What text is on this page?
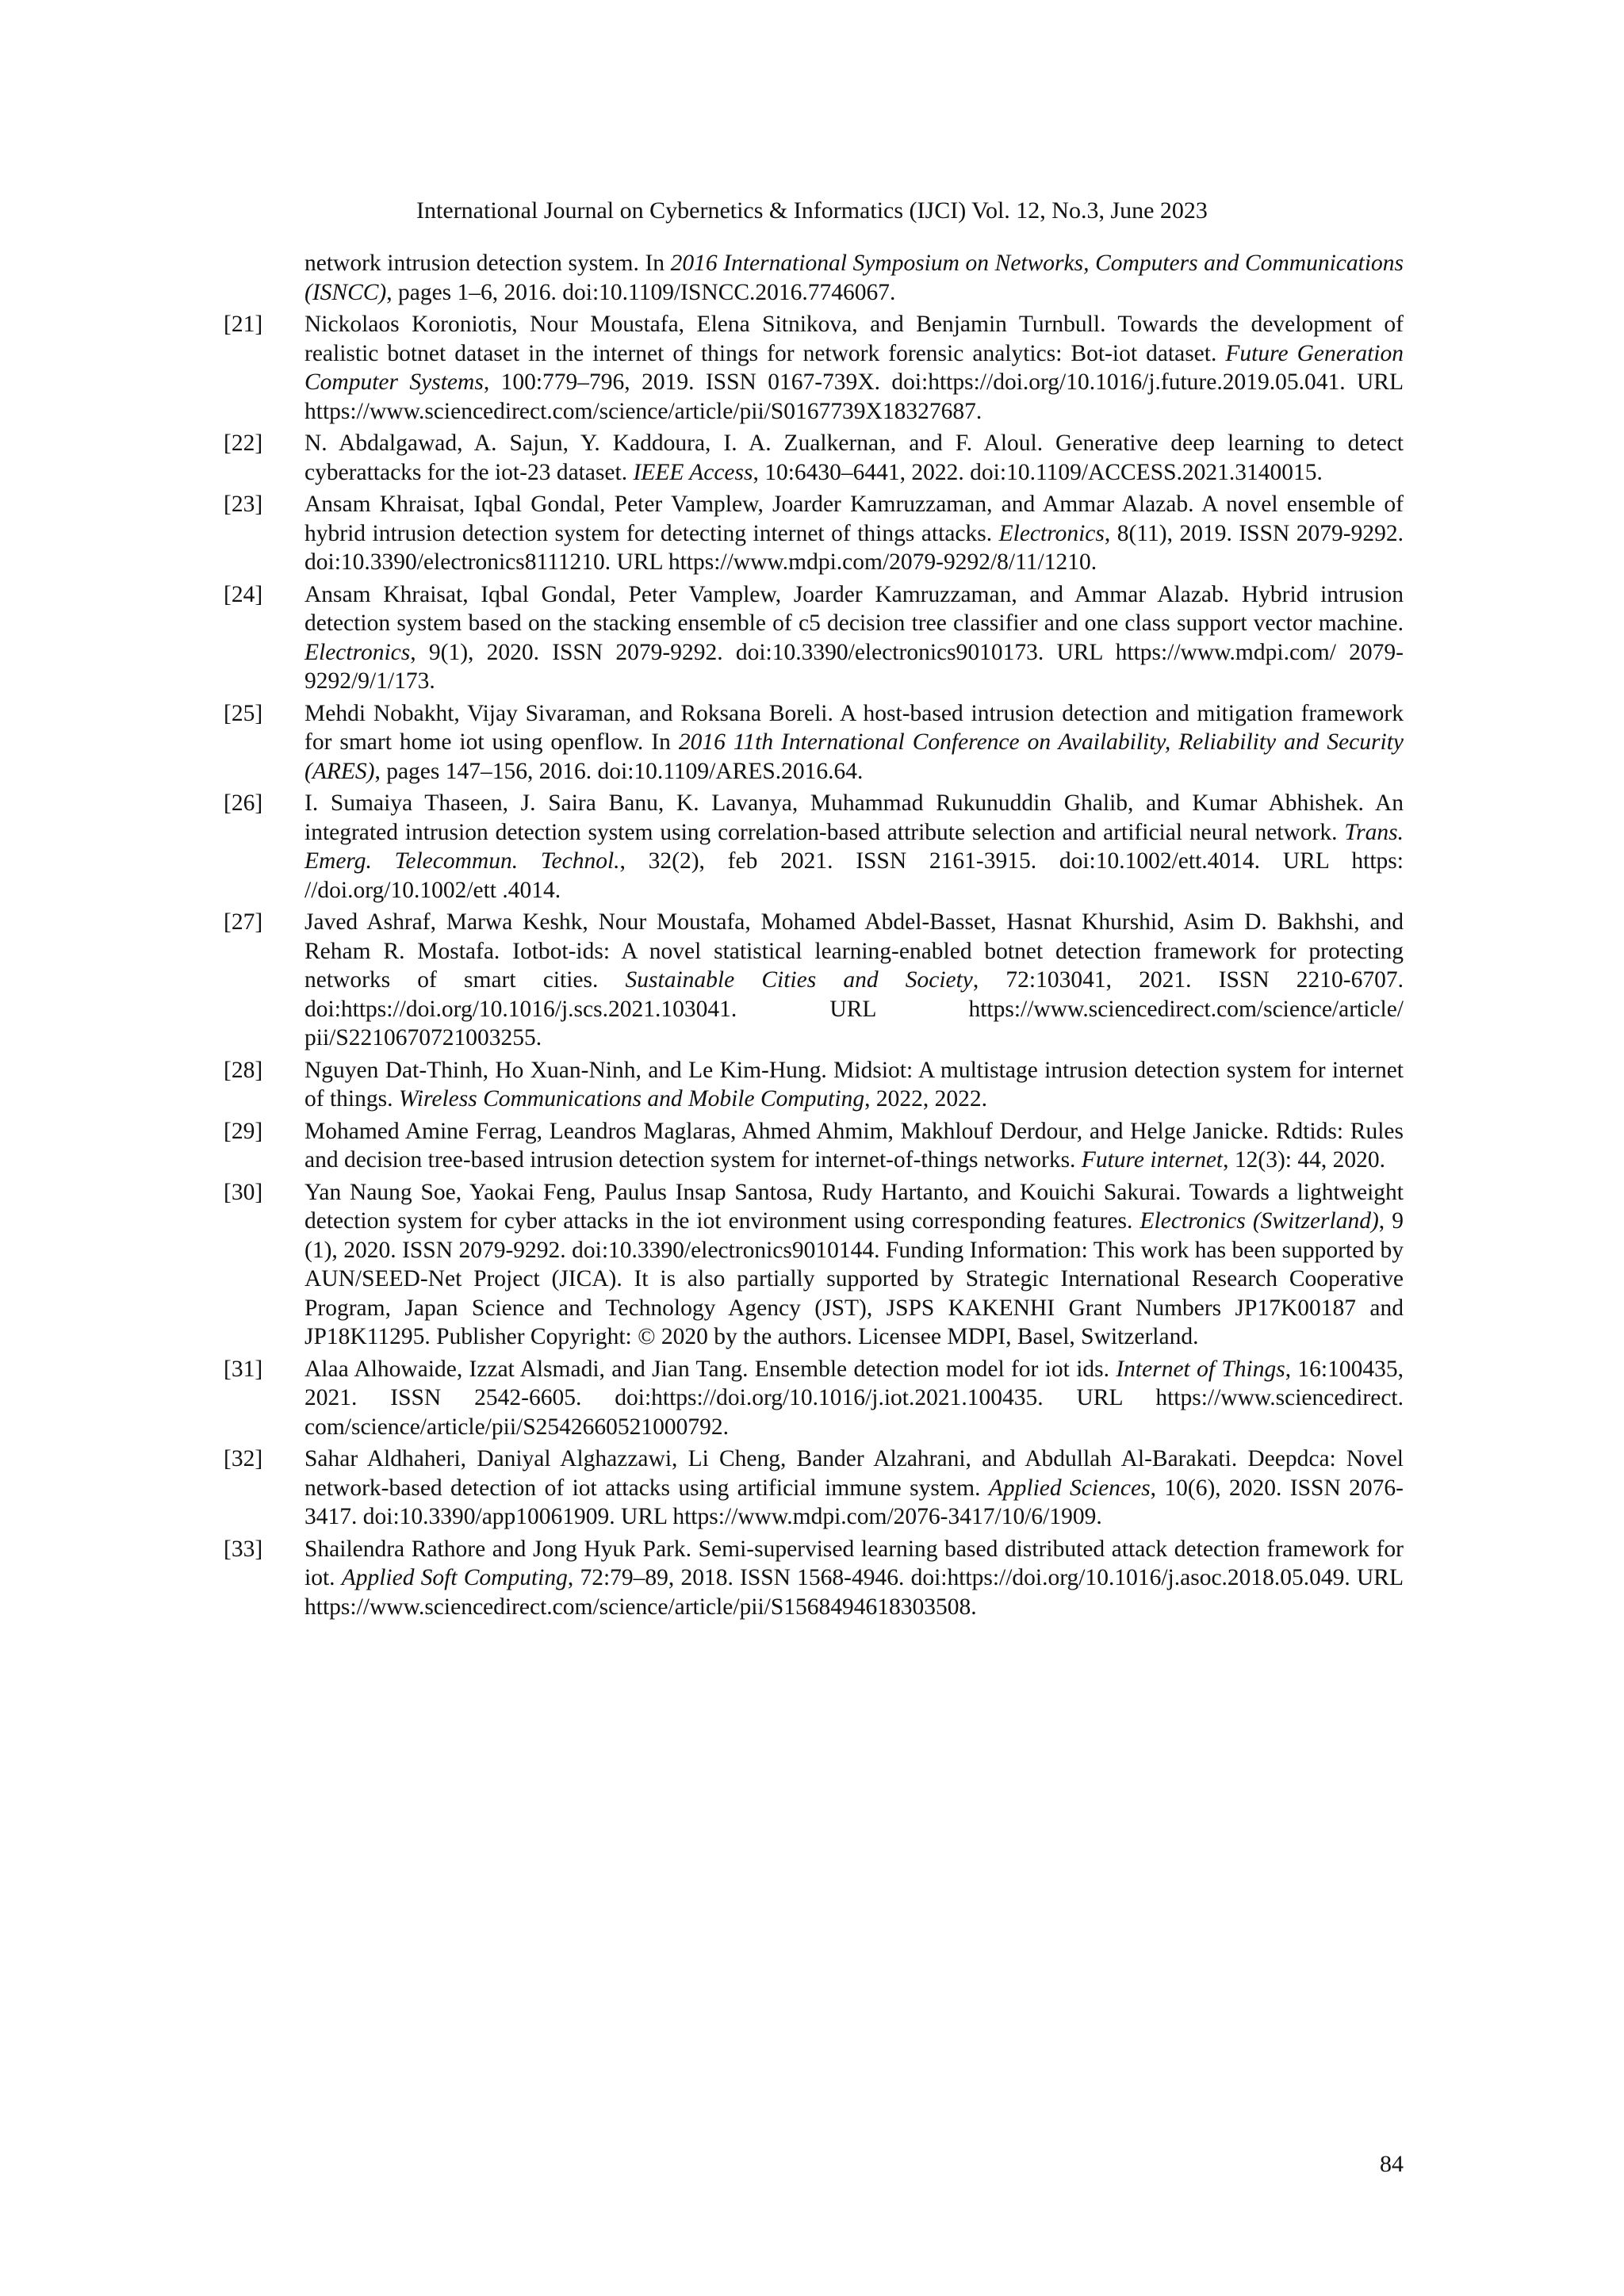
International Journal on Cybernetics & Informatics (IJCI) Vol. 12, No.3, June 2023
network intrusion detection system. In 2016 International Symposium on Networks, Computers and Communications (ISNCC), pages 1–6, 2016. doi:10.1109/ISNCC.2016.7746067.
[21] Nickolaos Koroniotis, Nour Moustafa, Elena Sitnikova, and Benjamin Turnbull. Towards the development of realistic botnet dataset in the internet of things for network forensic analytics: Bot-iot dataset. Future Generation Computer Systems, 100:779–796, 2019. ISSN 0167-739X. doi:https://doi.org/10.1016/j.future.2019.05.041. URL https://www.sciencedirect.com/science/article/pii/S0167739X18327687.
[22] N. Abdalgawad, A. Sajun, Y. Kaddoura, I. A. Zualkernan, and F. Aloul. Generative deep learning to detect cyberattacks for the iot-23 dataset. IEEE Access, 10:6430–6441, 2022. doi:10.1109/ACCESS.2021.3140015.
[23] Ansam Khraisat, Iqbal Gondal, Peter Vamplew, Joarder Kamruzzaman, and Ammar Alazab. A novel ensemble of hybrid intrusion detection system for detecting internet of things attacks. Electronics, 8(11), 2019. ISSN 2079-9292. doi:10.3390/electronics8111210. URL https://www.mdpi.com/2079-9292/8/11/1210.
[24] Ansam Khraisat, Iqbal Gondal, Peter Vamplew, Joarder Kamruzzaman, and Ammar Alazab. Hybrid intrusion detection system based on the stacking ensemble of c5 decision tree classifier and one class support vector machine. Electronics, 9(1), 2020. ISSN 2079-9292. doi:10.3390/electronics9010173. URL https://www.mdpi.com/ 2079-9292/9/1/173.
[25] Mehdi Nobakht, Vijay Sivaraman, and Roksana Boreli. A host-based intrusion detection and mitigation framework for smart home iot using openflow. In 2016 11th International Conference on Availability, Reliability and Security (ARES), pages 147–156, 2016. doi:10.1109/ARES.2016.64.
[26] I. Sumaiya Thaseen, J. Saira Banu, K. Lavanya, Muhammad Rukunuddin Ghalib, and Kumar Abhishek. An integrated intrusion detection system using correlation-based attribute selection and artificial neural network. Trans. Emerg. Telecommun. Technol., 32(2), feb 2021. ISSN 2161-3915. doi:10.1002/ett.4014. URL https: //doi.org/10.1002/ett .4014.
[27] Javed Ashraf, Marwa Keshk, Nour Moustafa, Mohamed Abdel-Basset, Hasnat Khurshid, Asim D. Bakhshi, and Reham R. Mostafa. Iotbot-ids: A novel statistical learning-enabled botnet detection framework for protecting networks of smart cities. Sustainable Cities and Society, 72:103041, 2021. ISSN 2210-6707. doi:https://doi.org/10.1016/j.scs.2021.103041. URL https://www.sciencedirect.com/science/article/ pii/S2210670721003255.
[28] Nguyen Dat-Thinh, Ho Xuan-Ninh, and Le Kim-Hung. Midsiot: A multistage intrusion detection system for internet of things. Wireless Communications and Mobile Computing, 2022, 2022.
[29] Mohamed Amine Ferrag, Leandros Maglaras, Ahmed Ahmim, Makhlouf Derdour, and Helge Janicke. Rdtids: Rules and decision tree-based intrusion detection system for internet-of-things networks. Future internet, 12(3): 44, 2020.
[30] Yan Naung Soe, Yaokai Feng, Paulus Insap Santosa, Rudy Hartanto, and Kouichi Sakurai. Towards a lightweight detection system for cyber attacks in the iot environment using corresponding features. Electronics (Switzerland), 9 (1), 2020. ISSN 2079-9292. doi:10.3390/electronics9010144. Funding Information: This work has been supported by AUN/SEED-Net Project (JICA). It is also partially supported by Strategic International Research Cooperative Program, Japan Science and Technology Agency (JST), JSPS KAKENHI Grant Numbers JP17K00187 and JP18K11295. Publisher Copyright: © 2020 by the authors. Licensee MDPI, Basel, Switzerland.
[31] Alaa Alhowaide, Izzat Alsmadi, and Jian Tang. Ensemble detection model for iot ids. Internet of Things, 16:100435, 2021. ISSN 2542-6605. doi:https://doi.org/10.1016/j.iot.2021.100435. URL https://www.sciencedirect. com/science/article/pii/S2542660521000792.
[32] Sahar Aldhaheri, Daniyal Alghazzawi, Li Cheng, Bander Alzahrani, and Abdullah Al-Barakati. Deepdca: Novel network-based detection of iot attacks using artificial immune system. Applied Sciences, 10(6), 2020. ISSN 2076-3417. doi:10.3390/app10061909. URL https://www.mdpi.com/2076-3417/10/6/1909.
[33] Shailendra Rathore and Jong Hyuk Park. Semi-supervised learning based distributed attack detection framework for iot. Applied Soft Computing, 72:79–89, 2018. ISSN 1568-4946. doi:https://doi.org/10.1016/j.asoc.2018.05.049. URL https://www.sciencedirect.com/science/article/pii/S1568494618303508.
84
